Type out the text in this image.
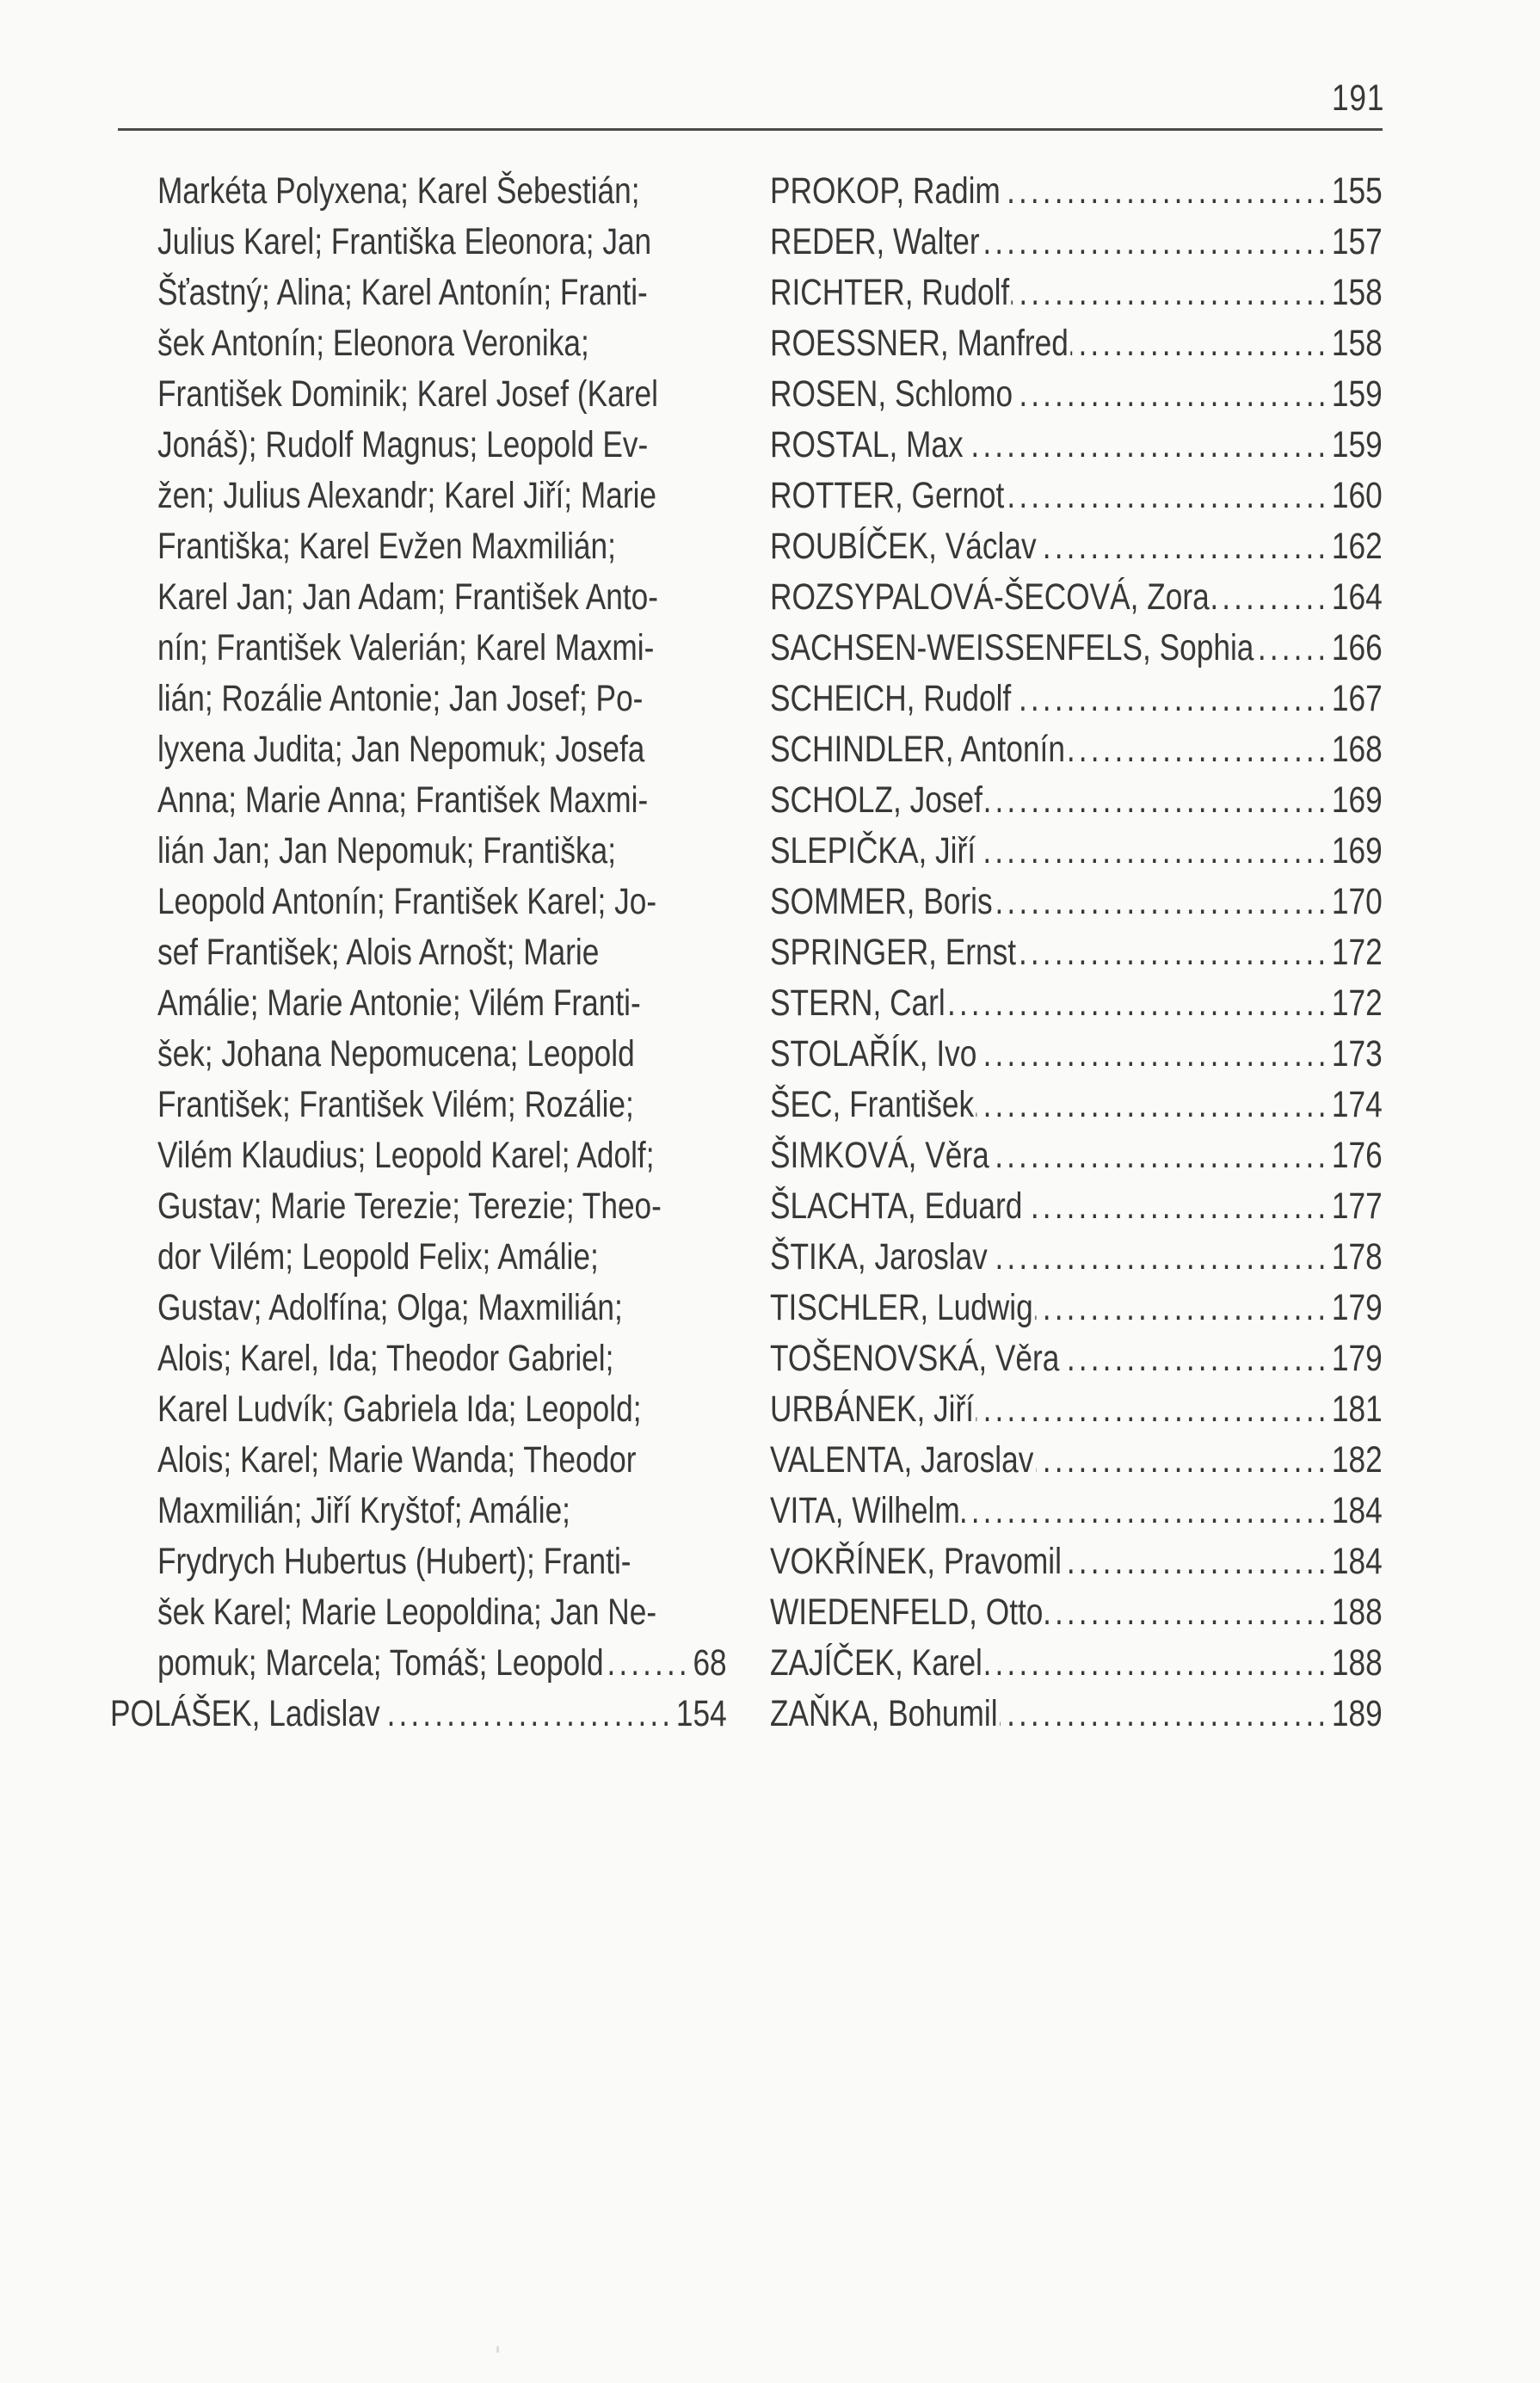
191
Markéta Polyxena; Karel Šebestián;
Julius Karel; Františka Eleonora; Jan
Šťastný; Alina; Karel Antonín; Franti-
šek Antonín; Eleonora Veronika;
František Dominik; Karel Josef (Karel
Jonáš); Rudolf Magnus; Leopold Ev-
žen; Julius Alexandr; Karel Jiří; Marie
Františka; Karel Evžen Maxmilián;
Karel Jan; Jan Adam; František Anto-
nín; František Valerián; Karel Maxmi-
lián; Rozálie Antonie; Jan Josef; Po-
lyxena Judita; Jan Nepomuk; Josefa
Anna; Marie Anna; František Maxmi-
lián Jan; Jan Nepomuk; Františka;
Leopold Antonín; František Karel; Jo-
sef František; Alois Arnošt; Marie
Amálie; Marie Antonie; Vilém Franti-
šek; Johana Nepomucena; Leopold
František; František Vilém; Rozálie;
Vilém Klaudius; Leopold Karel; Adolf;
Gustav; Marie Terezie; Terezie; Theo-
dor Vilém; Leopold Felix; Amálie;
Gustav; Adolfína; Olga; Maxmilián;
Alois; Karel, Ida; Theodor Gabriel;
Karel Ludvík; Gabriela Ida; Leopold;
Alois; Karel; Marie Wanda; Theodor
Maxmilián; Jiří Kryštof; Amálie;
Frydrych Hubertus (Hubert); Franti-
šek Karel; Marie Leopoldina; Jan Ne-
pomuk; Marcela; Tomáš; Leopold ..... 68
POLÁŠEK, Ladislav .....	154
PROKOP, Radim .....	155
REDER, Walter .....	157
RICHTER, Rudolf .....	158
ROESSNER, Manfred .....	158
ROSEN, Schlomo .....	159
ROSTAL, Max .....	159
ROTTER, Gernot .....	160
ROUBÍČEK, Václav .....	162
ROZSYPALOVÁ-ŠECOVÁ, Zora .....	164
SACHSEN-WEISSENFELS, Sophia ..... 166
SCHEICH, Rudolf .....	167
SCHINDLER, Antonín .....	168
SCHOLZ, Josef .....	169
SLEPIČKA, Jiří .....	169
SOMMER, Boris .....	170
SPRINGER, Ernst .....	172
STERN, Carl .....	172
STOLAŘÍK, Ivo .....	173
ŠEC, František .....	174
ŠIMKOVÁ, Věra .....	176
ŠLACHTA, Eduard .....	177
ŠTIKA, Jaroslav .....	178
TISCHLER, Ludwig .....	179
TOŠENOVSKÁ, Věra .....	179
URBÁNEK, Jiří .....	181
VALENTA, Jaroslav .....	182
VITA, Wilhelm .....	184
VOKŘÍNEK, Pravomil .....	184
WIEDENFELD, Otto .....	188
ZAJÍČEK, Karel .....	188
ZAŇKA, Bohumil .....	189
